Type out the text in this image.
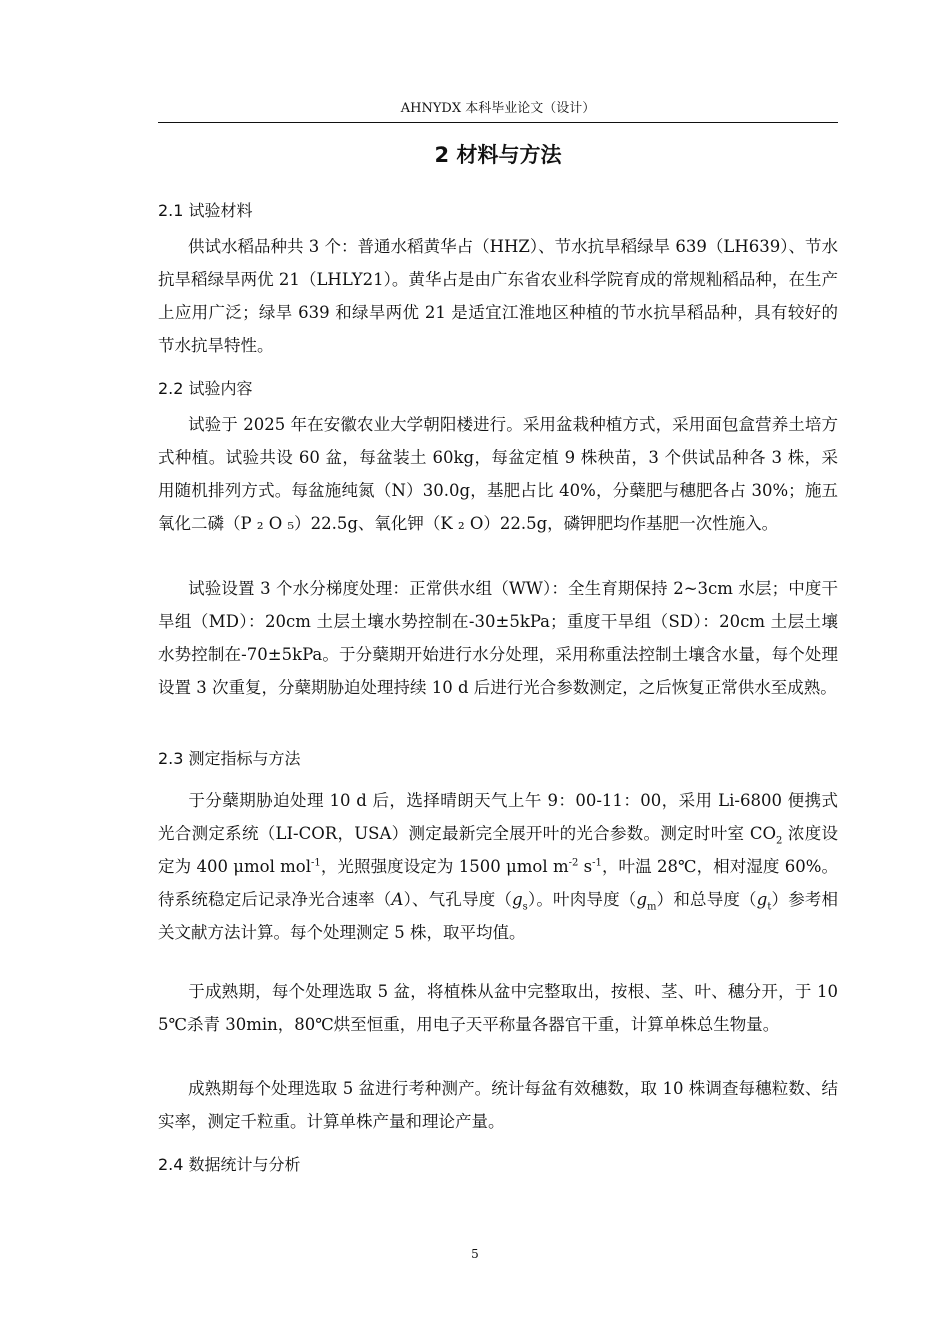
AHNYDX 本科毕业论文（设计）
2 材料与方法
2.1 试验材料
供试水稻品种共 3 个：普通水稻黄华占（HHZ）、节水抗旱稻绿旱 639（LH639）、节水抗旱稻绿旱两优 21（LHLY21）。黄华占是由广东省农业科学院育成的常规籼稻品种，在生产上应用广泛；绿旱 639 和绿旱两优 21 是适宜江淮地区种植的节水抗旱稻品种，具有较好的节水抗旱特性。
2.2 试验内容
试验于 2025 年在安徽农业大学朝阳楼进行。采用盆栽种植方式，采用面包盒营养土培方式种植。试验共设 60 盆，每盆装土 60kg，每盆定植 9 株秧苗，3 个供试品种各 3 株，采用随机排列方式。每盆施纯氮（N）30.0g，基肥占比 40%，分蘖肥与穗肥各占 30%；施五氧化二磷（P ₂ O ₅）22.5g、氧化钾（K ₂ O）22.5g，磷钾肥均作基肥一次性施入。
试验设置 3 个水分梯度处理：正常供水组（WW）：全生育期保持 2~3cm 水层；中度干旱组（MD）：20cm 土层土壤水势控制在-30±5kPa；重度干旱组（SD）：20cm 土层土壤水势控制在-70±5kPa。于分蘖期开始进行水分处理，采用称重法控制土壤含水量，每个处理设置 3 次重复，分蘖期胁迫处理持续 10 d 后进行光合参数测定，之后恢复正常供水至成熟。
2.3 测定指标与方法
于分蘖期胁迫处理 10 d 后，选择晴朗天气上午 9：00-11：00，采用 Li-6800 便携式光合测定系统（LI-COR，USA）测定最新完全展开叶的光合参数。测定时叶室 $CO_2$ 浓度设定为 400 μmol mol$^{-1}$，光照强度设定为 1500 μmol $m^{-2}$ $s^{-1}$，叶温 28℃，相对湿度 60%。待系统稳定后记录净光合速率（A）、气孔导度$(g_s)$。叶肉导度$(g_m)$和总导度$(g_t)$参考相关文献方法计算。每个处理测定 5 株，取平均值。
于成熟期，每个处理选取 5 盆，将植株从盆中完整取出，按根、茎、叶、穗分开，于 105℃杀青 30min，80℃烘至恒重，用电子天平称量各器官干重，计算单株总生物量。
成熟期每个处理选取 5 盆进行考种测产。统计每盆有效穗数，取 10 株调查每穗粒数、结实率，测定千粒重。计算单株产量和理论产量。
2.4 数据统计与分析
5
